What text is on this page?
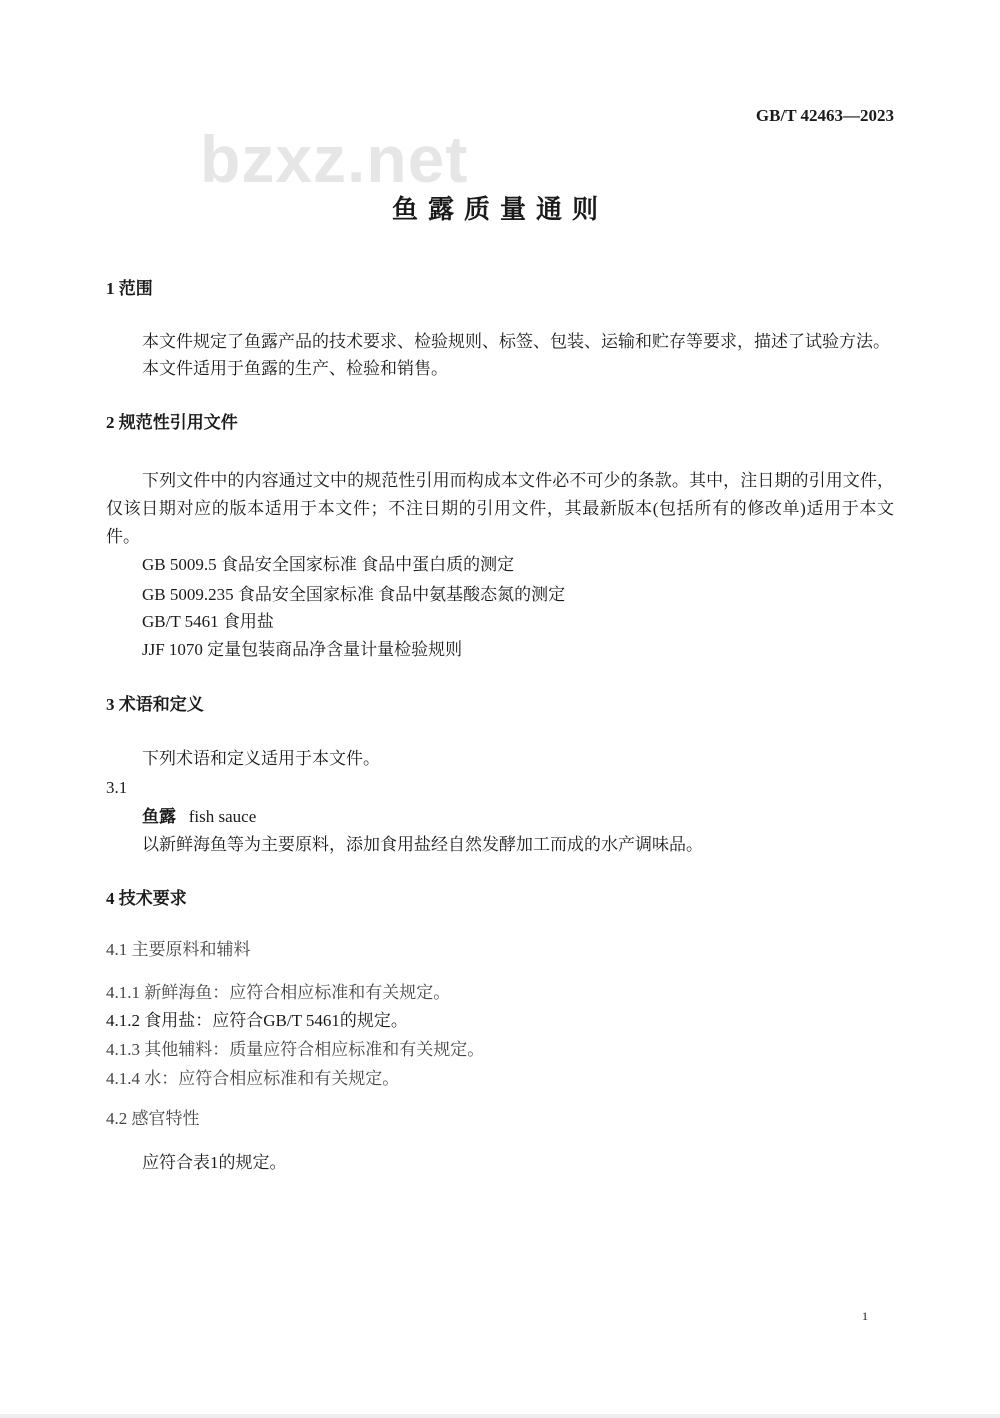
bzxz.net
GB/T 42463—2023
鱼露质量通则
1 范围
本文件规定了鱼露产品的技术要求、检验规则、标签、包装、运输和贮存等要求，描述了试验方法。
本文件适用于鱼露的生产、检验和销售。
2 规范性引用文件
下列文件中的内容通过文中的规范性引用而构成本文件必不可少的条款。其中，注日期的引用文件，仅该日期对应的版本适用于本文件；不注日期的引用文件，其最新版本(包括所有的修改单)适用于本文件。
GB 5009.5 食品安全国家标准 食品中蛋白质的测定
GB 5009.235 食品安全国家标准 食品中氨基酸态氮的测定
GB/T 5461 食用盐
JJF 1070 定量包装商品净含量计量检验规则
3 术语和定义
下列术语和定义适用于本文件。
3.1
鱼露 fish sauce
以新鲜海鱼等为主要原料，添加食用盐经自然发酵加工而成的水产调味品。
4 技术要求
4.1 主要原料和辅料
4.1.1 新鲜海鱼：应符合相应标准和有关规定。
4.1.2 食用盐：应符合GB/T 5461的规定。
4.1.3 其他辅料：质量应符合相应标准和有关规定。
4.1.4 水：应符合相应标准和有关规定。
4.2 感官特性
应符合表1的规定。
1
